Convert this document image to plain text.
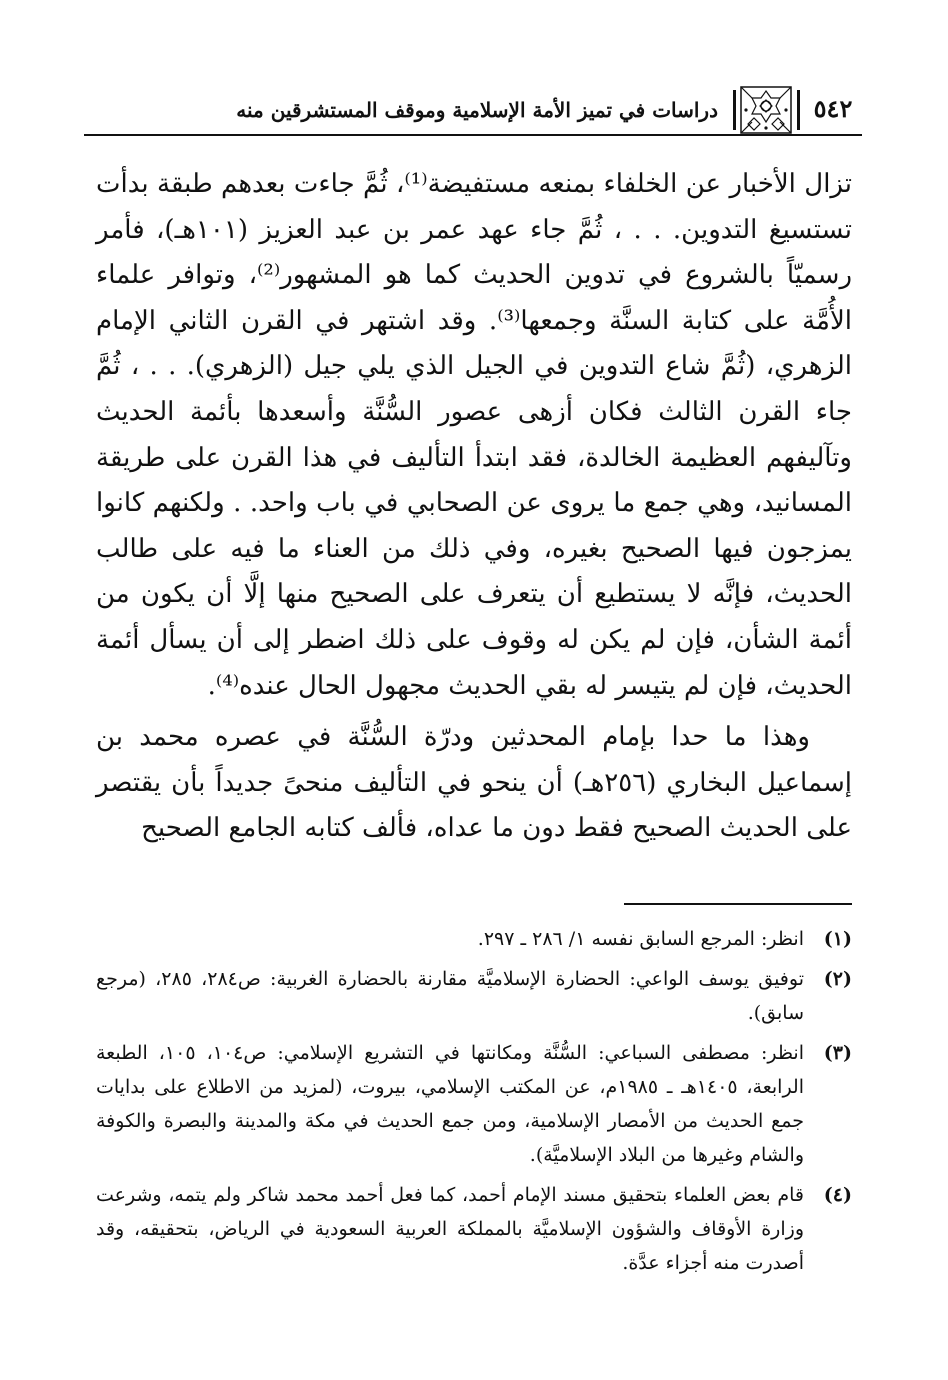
٥٤٢
دراسات في تميز الأمة الإسلامية وموقف المستشرقين منه

تزال الأخبار عن الخلفاء بمنعه مستفيضة⁽¹⁾، ثُمَّ جاءت بعدهم طبقة بدأت تستسيغ التدوين. . . ، ثُمَّ جاء عهد عمر بن عبد العزيز (١٠١هـ)، فأمر رسميّاً بالشروع في تدوين الحديث كما هو المشهور⁽²⁾، وتوافر علماء الأُمَّة على كتابة السنَّة وجمعها⁽³⁾. وقد اشتهر في القرن الثاني الإمام الزهري، (ثُمَّ شاع التدوين في الجيل الذي يلي جيل (الزهري). . . ، ثُمَّ جاء القرن الثالث فكان أزهى عصور السُّنَّة وأسعدها بأئمة الحديث وتآليفهم العظيمة الخالدة، فقد ابتدأ التأليف في هذا القرن على طريقة المسانيد، وهي جمع ما يروى عن الصحابي في باب واحد. . ولكنهم كانوا يمزجون فيها الصحيح بغيره، وفي ذلك من العناء ما فيه على طالب الحديث، فإنَّه لا يستطيع أن يتعرف على الصحيح منها إلَّا أن يكون من أئمة الشأن، فإن لم يكن له وقوف على ذلك اضطر إلى أن يسأل أئمة الحديث، فإن لم يتيسر له بقي الحديث مجهول الحال عنده⁽⁴⁾.

وهذا ما حدا بإمام المحدثين ودرّة السُّنَّة في عصره محمد بن إسماعيل البخاري (٢٥٦هـ) أن ينحو في التأليف منحىً جديداً بأن يقتصر على الحديث الصحيح فقط دون ما عداه، فألف كتابه الجامع الصحيح

(١)
انظر: المرجع السابق نفسه ١/ ٢٨٦ ـ ٢٩٧.
(٢)
توفيق يوسف الواعي: الحضارة الإسلاميَّة مقارنة بالحضارة الغربية: ص٢٨٤، ٢٨٥، (مرجع سابق).
(٣)
انظر: مصطفى السباعي: السُّنَّة ومكانتها في التشريع الإسلامي: ص١٠٤، ١٠٥، الطبعة الرابعة، ١٤٠٥هـ ـ ١٩٨٥م، عن المكتب الإسلامي، بيروت، (لمزيد من الاطلاع على بدايات جمع الحديث من الأمصار الإسلامية، ومن جمع الحديث في مكة والمدينة والبصرة والكوفة والشام وغيرها من البلاد الإسلاميَّة).
(٤)
قام بعض العلماء بتحقيق مسند الإمام أحمد، كما فعل أحمد محمد شاكر ولم يتمه، وشرعت وزارة الأوقاف والشؤون الإسلاميَّة بالمملكة العربية السعودية في الرياض، بتحقيقه، وقد أصدرت منه أجزاء عدَّة.
